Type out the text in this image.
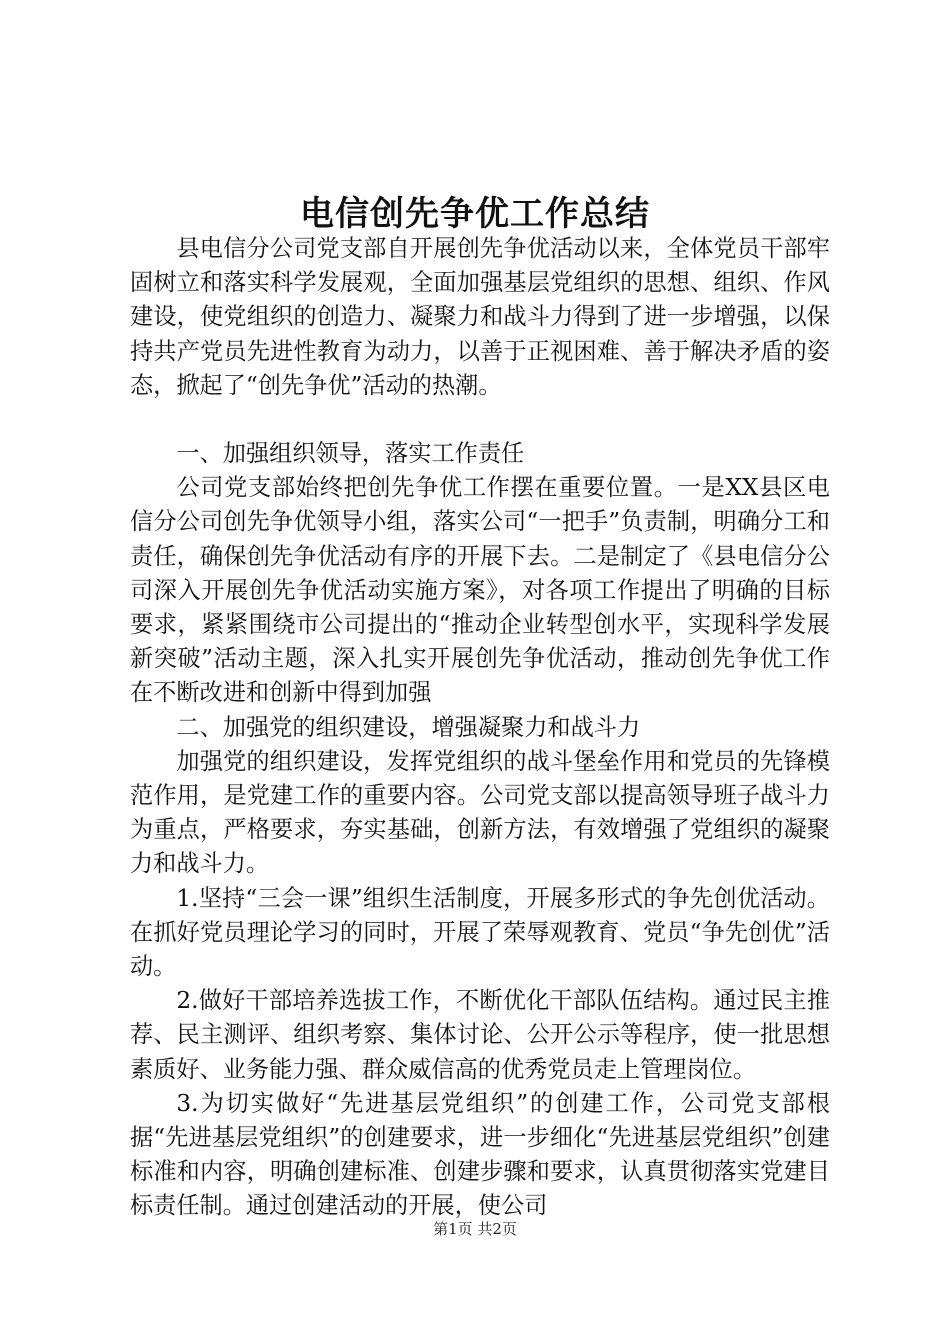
电信创先争优工作总结

县电信分公司党支部自开展创先争优活动以来，全体党员干部牢固树立和落实科学发展观，全面加强基层党组织的思想、组织、作风建设，使党组织的创造力、凝聚力和战斗力得到了进一步增强，以保持共产党员先进性教育为动力，以善于正视困难、善于解决矛盾的姿态，掀起了“创先争优”活动的热潮。

一、加强组织领导，落实工作责任

公司党支部始终把创先争优工作摆在重要位置。一是XX县区电信分公司创先争优领导小组，落实公司“一把手”负责制，明确分工和责任，确保创先争优活动有序的开展下去。二是制定了《县电信分公司深入开展创先争优活动实施方案》，对各项工作提出了明确的目标要求，紧紧围绕市公司提出的“推动企业转型创水平，实现科学发展新突破”活动主题，深入扎实开展创先争优活动，推动创先争优工作在不断改进和创新中得到加强

二、加强党的组织建设，增强凝聚力和战斗力

加强党的组织建设，发挥党组织的战斗堡垒作用和党员的先锋模范作用，是党建工作的重要内容。公司党支部以提高领导班子战斗力为重点，严格要求，夯实基础，创新方法，有效增强了党组织的凝聚力和战斗力。

1.坚持“三会一课”组织生活制度，开展多形式的争先创优活动。在抓好党员理论学习的同时，开展了荣辱观教育、党员“争先创优”活动。

2.做好干部培养选拔工作，不断优化干部队伍结构。通过民主推荐、民主测评、组织考察、集体讨论、公开公示等程序，使一批思想素质好、业务能力强、群众威信高的优秀党员走上管理岗位。

3.为切实做好“先进基层党组织”的创建工作，公司党支部根据“先进基层党组织”的创建要求，进一步细化“先进基层党组织”创建标准和内容，明确创建标准、创建步骤和要求，认真贯彻落实党建目标责任制。通过创建活动的开展，使公司

第1页 共2页
